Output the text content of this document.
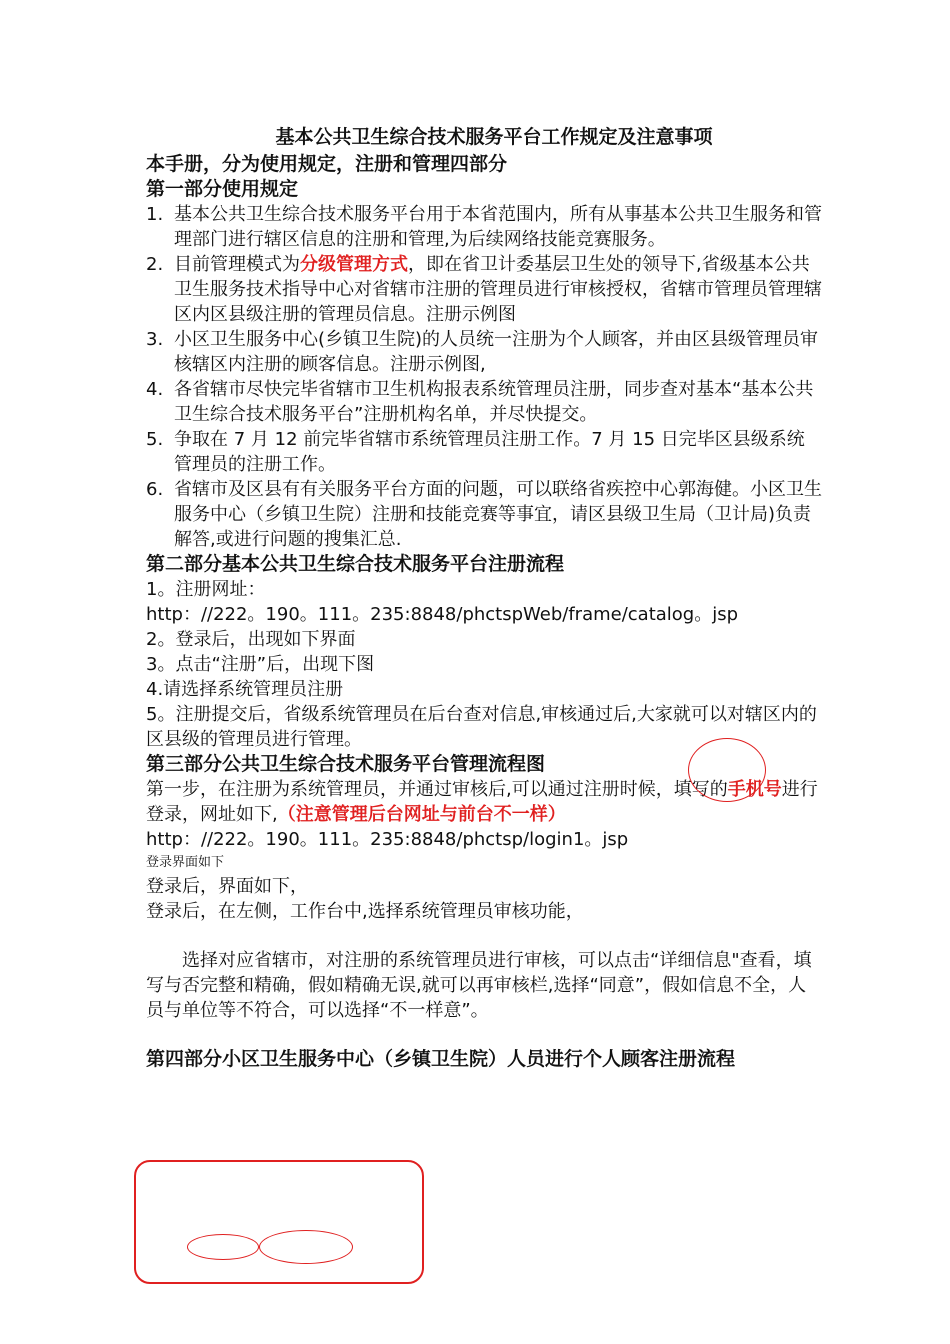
基本公共卫生综合技术服务平台工作规定及注意事项

本手册，分为使用规定，注册和管理四部分

第一部分使用规定

1. 基本公共卫生综合技术服务平台用于本省范围内，所有从事基本公共卫生服务和管理部门进行辖区信息的注册和管理,为后续网络技能竞赛服务。
2. 目前管理模式为分级管理方式，即在省卫计委基层卫生处的领导下,省级基本公共卫生服务技术指导中心对省辖市注册的管理员进行审核授权，省辖市管理员管理辖区内区县级注册的管理员信息。注册示例图
3. 小区卫生服务中心(乡镇卫生院)的人员统一注册为个人顾客，并由区县级管理员审核辖区内注册的顾客信息。注册示例图,
4. 各省辖市尽快完毕省辖市卫生机构报表系统管理员注册，同步查对基本“基本公共卫生综合技术服务平台”注册机构名单，并尽快提交。
5. 争取在 7 月 12 前完毕省辖市系统管理员注册工作。7 月 15 日完毕区县级系统管理员的注册工作。
6. 省辖市及区县有有关服务平台方面的问题，可以联络省疾控中心郭海健。小区卫生服务中心（乡镇卫生院）注册和技能竞赛等事宜，请区县级卫生局（卫计局)负责解答,或进行问题的搜集汇总.

第二部分基本公共卫生综合技术服务平台注册流程

1。注册网址：

http：//222。190。111。235:8848/phctspWeb/frame/catalog。jsp

2。登录后，出现如下界面

3。点击“注册”后，出现下图

4.请选择系统管理员注册

5。注册提交后，省级系统管理员在后台查对信息,审核通过后,大家就可以对辖区内的区县级的管理员进行管理。

第三部分公共卫生综合技术服务平台管理流程图

第一步，在注册为系统管理员，并通过审核后,可以通过注册时候，填写的手机号进行登录，网址如下,（注意管理后台网址与前台不一样）

http：//222。190。111。235:8848/phctsp/login1。jsp

登录界面如下

登录后，界面如下，

登录后，在左侧，工作台中,选择系统管理员审核功能，

选择对应省辖市，对注册的系统管理员进行审核，可以点击“详细信息"查看，填写与否完整和精确，假如精确无误,就可以再审核栏,选择“同意”，假如信息不全，人员与单位等不符合，可以选择“不一样意”。

第四部分小区卫生服务中心（乡镇卫生院）人员进行个人顾客注册流程
